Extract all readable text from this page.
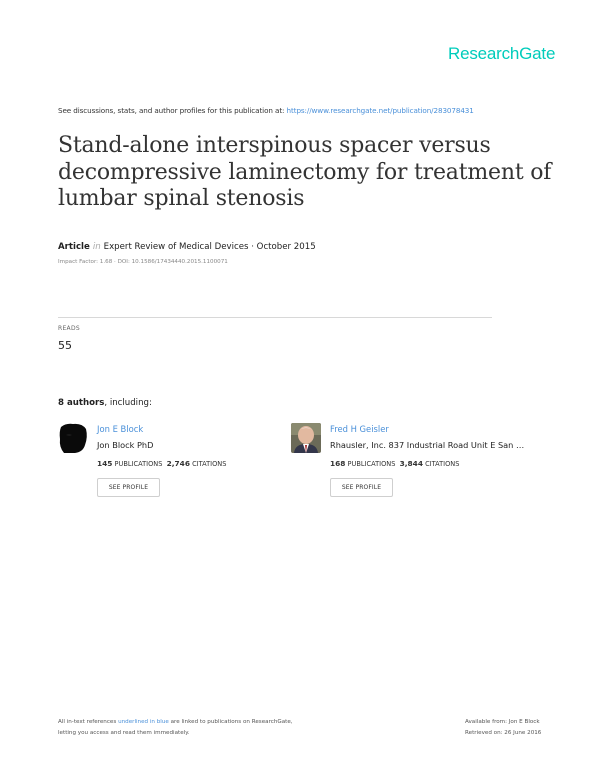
ResearchGate
See discussions, stats, and author profiles for this publication at: https://www.researchgate.net/publication/283078431
Stand-alone interspinous spacer versus
decompressive laminectomy for treatment of
lumbar spinal stenosis
Article in Expert Review of Medical Devices · October 2015
Impact Factor: 1.68 · DOI: 10.1586/17434440.2015.1100071
READS
55
8 authors, including:
Jon E Block
Jon Block PhD
145 PUBLICATIONS 2,746 CITATIONS
SEE PROFILE
Fred H Geisler
Rhausler, Inc. 837 Industrial Road Unit E San …
168 PUBLICATIONS 3,844 CITATIONS
SEE PROFILE
All in-text references underlined in blue are linked to publications on ResearchGate,
letting you access and read them immediately.
Available from: Jon E Block
Retrieved on: 26 June 2016
